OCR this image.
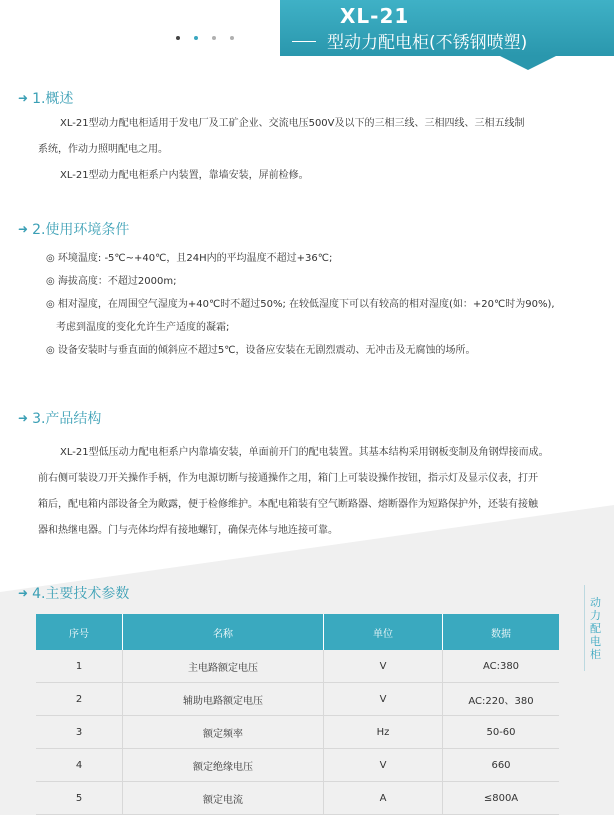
XL-21
型动力配电柜(不锈钢喷塑)
➜ 1.概述

XL-21型动力配电柜适用于发电厂及工矿企业、交流电压500V及以下的三相三线、三相四线、三相五线制

系统，作动力照明配电之用。

XL-21型动力配电柜系户内装置，靠墙安装，屏前检修。

➜ 2.使用环境条件

◎ 环境温度: -5℃~+40℃，且24H内的平均温度不超过+36℃;

◎ 海拔高度：不超过2000m;

◎ 相对湿度，在周围空气湿度为+40℃时不超过50%; 在较低湿度下可以有较高的相对湿度(如：+20℃时为90%),

考虑到温度的变化允许生产适度的凝霜;

◎ 设备安装时与垂直面的倾斜应不超过5℃，设备应安装在无剧烈震动、无冲击及无腐蚀的场所。

➜ 3.产品结构

XL-21型低压动力配电柜系户内靠墙安装，单面前开门的配电装置。其基本结构采用钢板变制及角钢焊接而成。

前右侧可装设刀开关操作手柄，作为电源切断与接通操作之用，箱门上可装设操作按钮，指示灯及显示仪表，打开

箱后，配电箱内部设备全为敞露，便于检修维护。本配电箱装有空气断路器、熔断器作为短路保护外，还装有接触

器和热继电器。门与壳体均焊有接地螺钉，确保壳体与地连接可靠。

➜ 4.主要技术参数
动力配电柜
序号	名称	单位	数据
1	主电路额定电压	V	AC:380
2	辅助电路额定电压	V	AC:220、380
3	额定频率	Hz	50-60
4	额定绝缘电压	V	660
5	额定电流	A	≤800A
